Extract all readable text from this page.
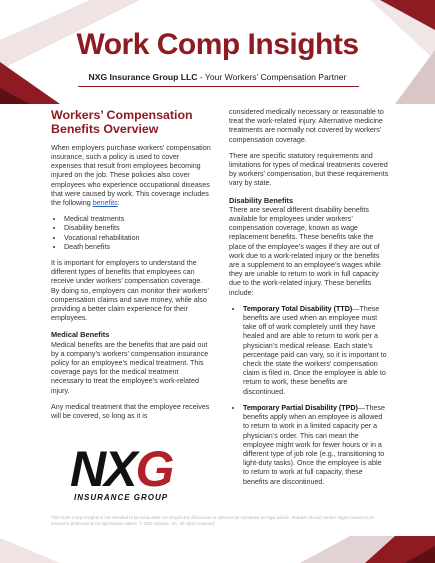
Work Comp Insights
NXG Insurance Group LLC - Your Workers’ Compensation Partner
Workers’ Compensation Benefits Overview

When employers purchase workers’ compensation insurance, such a policy is used to cover expenses that result from employees becoming injured on the job. These policies also cover employees who experience occupational diseases that were caused by work. This coverage includes the following benefits:

• Medical treatments
• Disability benefits
• Vocational rehabilitation
• Death benefits

It is important for employers to understand the different types of benefits that employees can receive under workers’ compensation coverage. By doing so, employers can monitor their workers’ compensation claims and save money, while also providing a better claim experience for their employees.

Medical Benefits

Medical benefits are the benefits that are paid out by a company’s workers’ compensation insurance policy for an employee’s medical treatment. This coverage pays for the medical treatment necessary to treat the employee’s work-related injury.

Any medical treatment that the employee receives will be covered, so long as it is

considered medically necessary or reasonable to treat the work-related injury. Alternative medicine treatments are normally not covered by workers’ compensation coverage.

There are specific statutory requirements and limitations for types of medical treatments covered by workers’ compensation, but these requirements vary by state.

Disability Benefits

There are several different disability benefits available for employees under workers’ compensation coverage, known as wage replacement benefits. These benefits take the place of the employee’s wages if they are out of work due to a work-related injury or the benefits are a supplement to an employee’s wages while they are unable to return to work in full capacity due to the work-related injury. These benefits include:

• Temporary Total Disability (TTD)—These benefits are used when an employee must take off of work completely until they have healed and are able to return to work per a physician’s medical release. Each state’s percentage paid can vary, so it is important to check the state the workers’ compensation claim is filed in. Once the employee is able to return to work, these benefits are discontinued.
• Temporary Partial Disability (TPD)—These benefits apply when an employee is allowed to return to work in a limited capacity per a physician’s order. This can mean the employee might work for fewer hours or in a different type of job role (e.g., transitioning to light-duty tasks). Once the employee is able to return to work at full capacity, these benefits are discontinued.
NXG
INSURANCE GROUP
This Work Comp Insights is not intended to be exhaustive nor should any discussion or opinions be construed as legal advice. Readers should contact legal counsel or an insurance professional for appropriate advice. © 2021 Zywave, Inc. All rights reserved.
